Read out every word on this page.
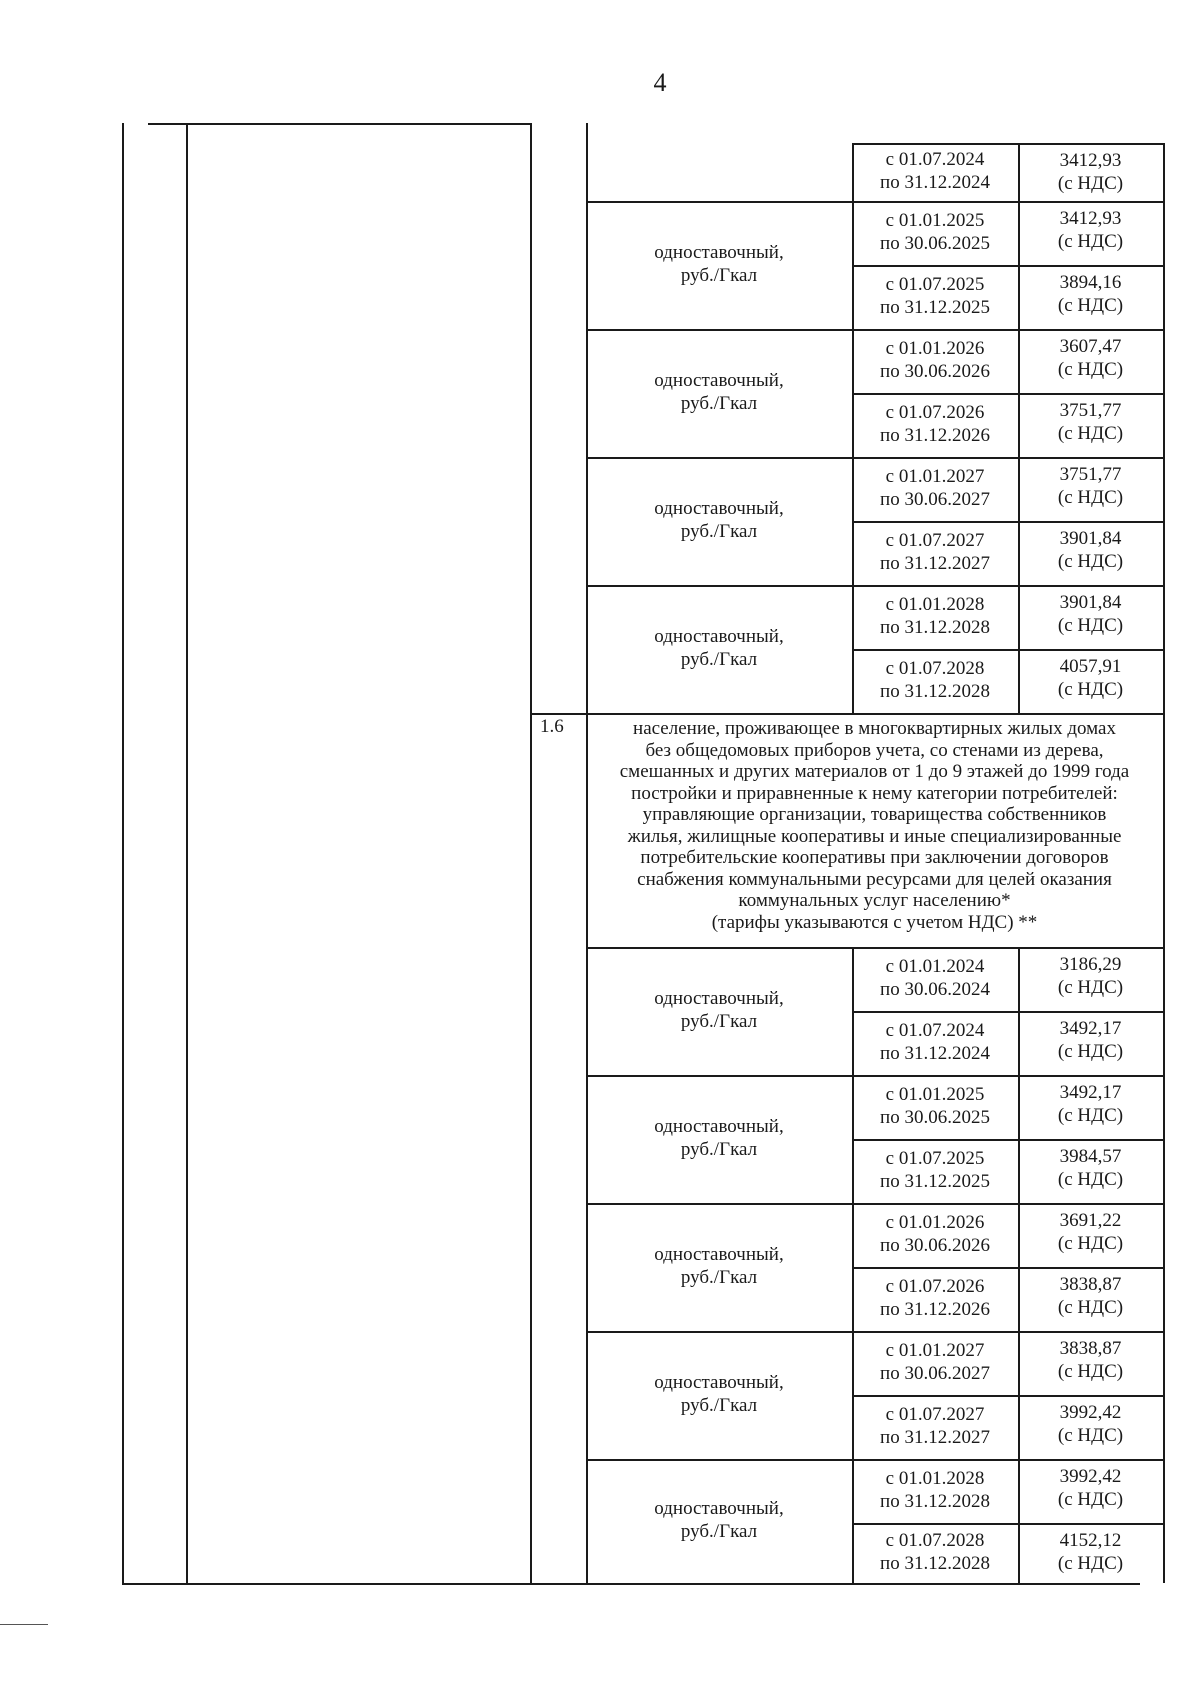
4
с 01.07.2024
по 31.12.2024
3412,93
(с НДС)
одноставочный,
руб./Гкал
с 01.01.2025
по 30.06.2025
3412,93
(с НДС)
с 01.07.2025
по 31.12.2025
3894,16
(с НДС)
одноставочный,
руб./Гкал
с 01.01.2026
по 30.06.2026
3607,47
(с НДС)
с 01.07.2026
по 31.12.2026
3751,77
(с НДС)
одноставочный,
руб./Гкал
с 01.01.2027
по 30.06.2027
3751,77
(с НДС)
с 01.07.2027
по 31.12.2027
3901,84
(с НДС)
одноставочный,
руб./Гкал
с 01.01.2028
по 31.12.2028
3901,84
(с НДС)
с 01.07.2028
по 31.12.2028
4057,91
(с НДС)
1.6	население, проживающее в многоквартирных жилых домах
без общедомовых приборов учета, со стенами из дерева,
смешанных и других материалов от 1 до 9 этажей до 1999 года
постройки и приравненные к нему категории потребителей:
управляющие организации, товарищества собственников
жилья, жилищные кооперативы и иные специализированные
потребительские кооперативы при заключении договоров
снабжения коммунальными ресурсами для целей оказания
коммунальных услуг населению*
(тарифы указываются с учетом НДС) **
одноставочный,
руб./Гкал
с 01.01.2024
по 30.06.2024
3186,29
(с НДС)
с 01.07.2024
по 31.12.2024
3492,17
(с НДС)
одноставочный,
руб./Гкал
с 01.01.2025
по 30.06.2025
3492,17
(с НДС)
с 01.07.2025
по 31.12.2025
3984,57
(с НДС)
одноставочный,
руб./Гкал
с 01.01.2026
по 30.06.2026
3691,22
(с НДС)
с 01.07.2026
по 31.12.2026
3838,87
(с НДС)
одноставочный,
руб./Гкал
с 01.01.2027
по 30.06.2027
3838,87
(с НДС)
с 01.07.2027
по 31.12.2027
3992,42
(с НДС)
одноставочный,
руб./Гкал
с 01.01.2028
по 31.12.2028
3992,42
(с НДС)
с 01.07.2028
по 31.12.2028
4152,12
(с НДС)
